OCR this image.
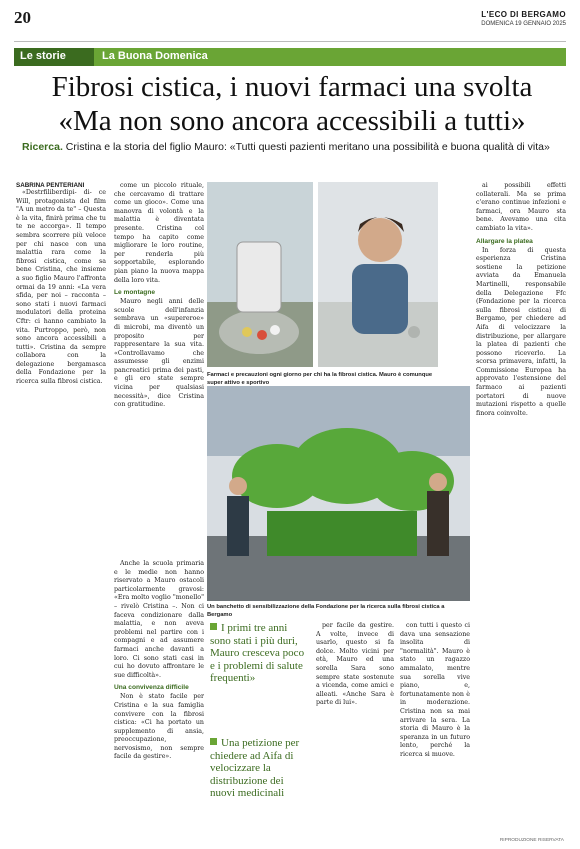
20	L'ECO DI BERGAMO
DOMENICA 19 GENNAIO 2025
Le storie	La Buona Domenica
Fibrosi cistica, i nuovi farmaci una svolta
«Ma non sono ancora accessibili a tutti»
Ricerca. Cristina e la storia del figlio Mauro: «Tutti questi pazienti meritano una possibilità e buona qualità di vita»
SABRINA PENTERIANI

«Destrfiliberdipi- di- ce Will, protagonista del film "A un metro da te" – Questa è la vita, finirà prima che tu te ne accorga». Il tempo sembra scorrere più veloce per chi nasce con una malattia rara come la fibrosi cistica, come sa bene Cristina, che insieme a suo figlio Mauro l'affronta ormai da 19 anni: «La vera sfida, per noi – racconta – sono stati i nuovi farmaci modulatori della proteina Cftr: ci hanno cambiato la vita. Purtroppo, però, non sono ancora accessibili a tutti». Cristina da sempre collabora con la delegazione bergamasca della Fondazione per la ricerca sulla fibrosi cistica.

come un piccolo rituale, che cercavamo di trattare come un gioco». Come una manovra di volontà e la malattia è diventata presente. Cristina col tempo ha capito come migliorare le loro routine, per renderla più sopportabile, esplorando pian piano la nuova mappa della loro vita.

Le montagne

Mauro negli anni delle scuole dell'infanzia sembrava un «supereroe» di microbi, ma diventò un proposito per rappresentare la sua vita. «Controllavamo che assumesse gli enzimi pancreatici prima dei pasti, e gli ero state sempre vicina per qualsiasi necessità», dice Cristina con gratitudine.

Farmaci e precauzioni ogni giorno per chi ha la fibrosi cistica. Mauro è comunque super attivo e sportivo

ai possibili effetti collaterali. Ma se prima c'erano continue infezioni e farmaci, ora Mauro sta bene. Avevamo una cita cambiato la vita».

Allargare la platea

In forza di questa esperienza Cristina sostiene la petizione avviata da Emanuela Martinelli, responsabile della Delegazione Ffc (Fondazione per la ricerca sulla fibrosi cistica) di Bergamo, per chiedere ad Aifa di velocizzare la distribuzione, per allargare la platea di pazienti che possono riceverlo. La scorsa primavera, infatti, la Commissione Europea ha approvato l'estensione del farmaco ai pazienti portatori di nuove mutazioni rispetto a quelle finora coinvolte.

Anche la scuola primaria e le medie non hanno riservato a Mauro ostacoli particolarmente gravosi: «Era molto voglio "monello" – rivelò Cristina –. Non ci faceva condizionare dalla malattia, e non aveva problemi nel partire con i compagni e ad assumere farmaci anche davanti a loro. Ci sono stati casi in cui ho dovuto affrontare le sue difficoltà».

Una convivenza difficile

Non è stato facile per Cristina e la sua famiglia convivere con la fibrosi cistica: «Ci ha portato un supplemento di ansia, preoccupazione, nervosismo, non sempre facile da gestire».

Un banchetto di sensibilizzazione della Fondazione per la ricerca sulla fibrosi cistica a Bergamo
I primi tre anni sono stati i più duri, Mauro cresceva poco e i problemi di salute frequenti»
Una petizione per chiedere ad Aifa di velocizzare la distribuzione dei nuovi medicinali

per facile da gestire. A volte, invece di usarlo, questo si fa dolce. Molto vicini per età, Mauro ed una sorella Sara sono sempre state sostenute a vicenda, come amici e alleati. «Anche Sara è parte di lui».

con tutti i questo ci dava una sensazione insolita di "normalità". Mauro è stato un ragazzo ammalato, mentre sua sorella vive piano, e, fortunatamente non è in moderazione. Cristina non sa mai arrivare la sera. La storia di Mauro è la speranza in un futuro lento, perché la ricerca si muove.

RIPRODUZIONE RISERVATA
